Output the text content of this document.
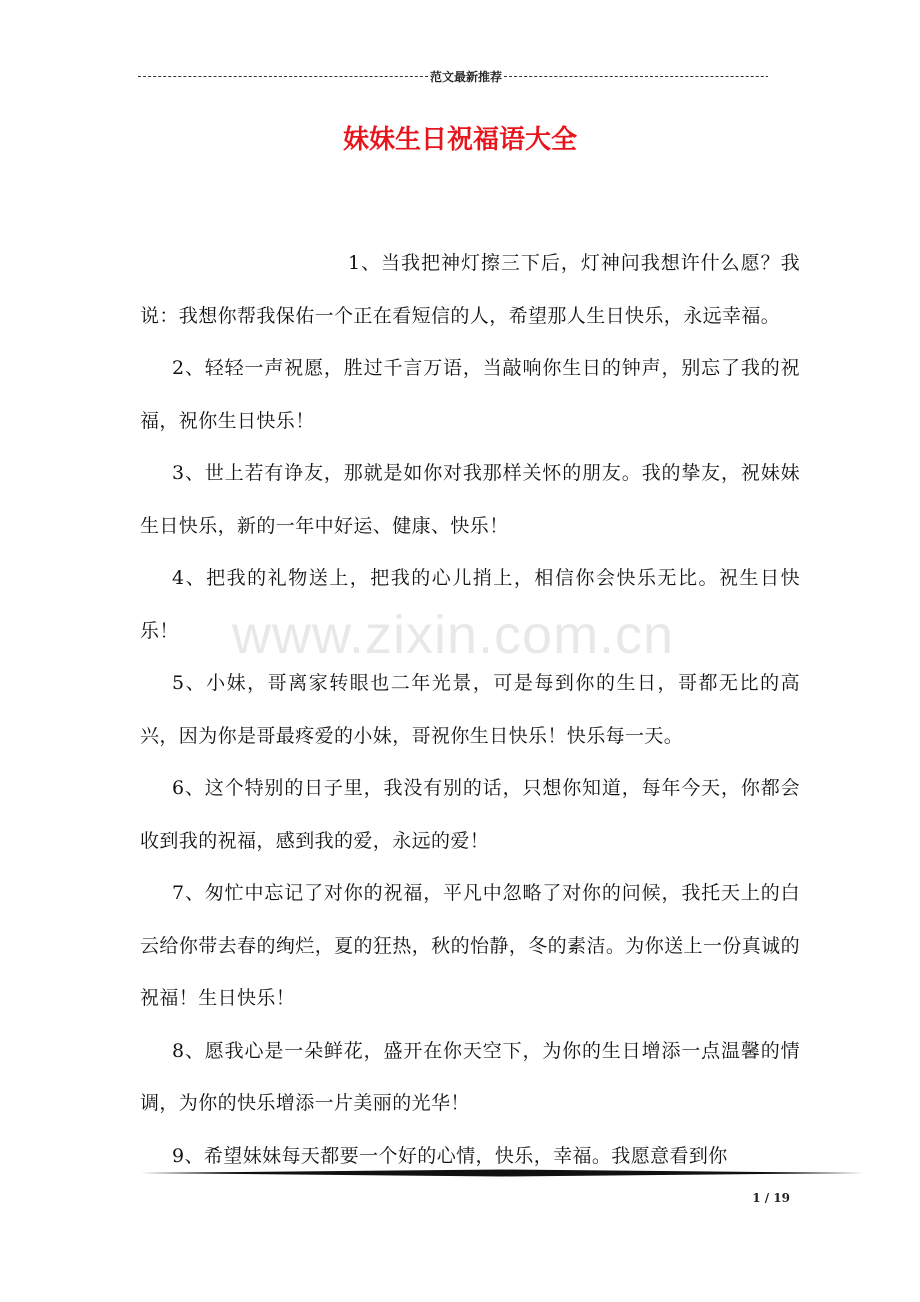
范文最新推荐
妹妹生日祝福语大全

1、当我把神灯擦三下后，灯神问我想许什么愿？我说：我想你帮我保佑一个正在看短信的人，希望那人生日快乐，永远幸福。

2、轻轻一声祝愿，胜过千言万语，当敲响你生日的钟声，别忘了我的祝福，祝你生日快乐！

3、世上若有诤友，那就是如你对我那样关怀的朋友。我的挚友，祝妹妹生日快乐，新的一年中好运、健康、快乐！

4、把我的礼物送上，把我的心儿捎上，相信你会快乐无比。祝生日快乐！

5、小妹，哥离家转眼也二年光景，可是每到你的生日，哥都无比的高兴，因为你是哥最疼爱的小妹，哥祝你生日快乐！快乐每一天。

6、这个特别的日子里，我没有别的话，只想你知道，每年今天，你都会收到我的祝福，感到我的爱，永远的爱！

7、匆忙中忘记了对你的祝福，平凡中忽略了对你的问候，我托天上的白云给你带去春的绚烂，夏的狂热，秋的怡静，冬的素洁。为你送上一份真诚的祝福！生日快乐！

8、愿我心是一朵鲜花，盛开在你天空下，为你的生日增添一点温馨的情调，为你的快乐增添一片美丽的光华！

9、希望妹妹每天都要一个好的心情，快乐，幸福。我愿意看到你

www.zixin.com.cn
1 / 19
